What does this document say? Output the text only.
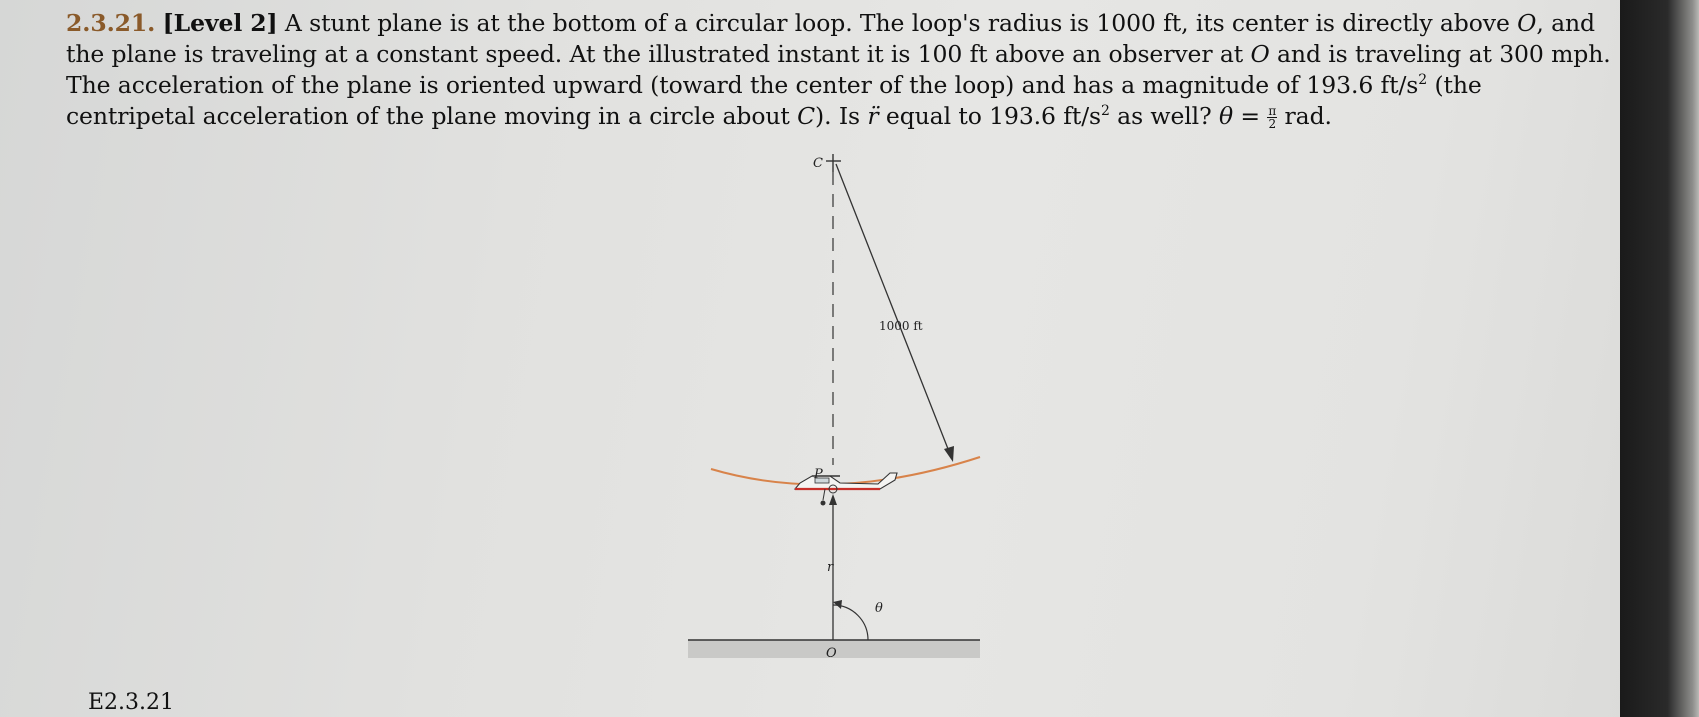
2.3.21. [Level 2] A stunt plane is at the bottom of a circular loop. The loop's radius is 1000 ft, its center is directly above O, and the plane is traveling at a constant speed. At the illustrated instant it is 100 ft above an observer at O and is traveling at 300 mph. The acceleration of the plane is oriented upward (toward the center of the loop) and has a magnitude of 193.6 $ft/s^2$ (the centripetal acceleration of the plane moving in a circle about C). Is r̈ equal to 193.6 $ft/s^2$ as well? $\theta = \frac{\pi}{2}$ rad.

C
1000 ft
P
r
θ
O

E2.3.21
